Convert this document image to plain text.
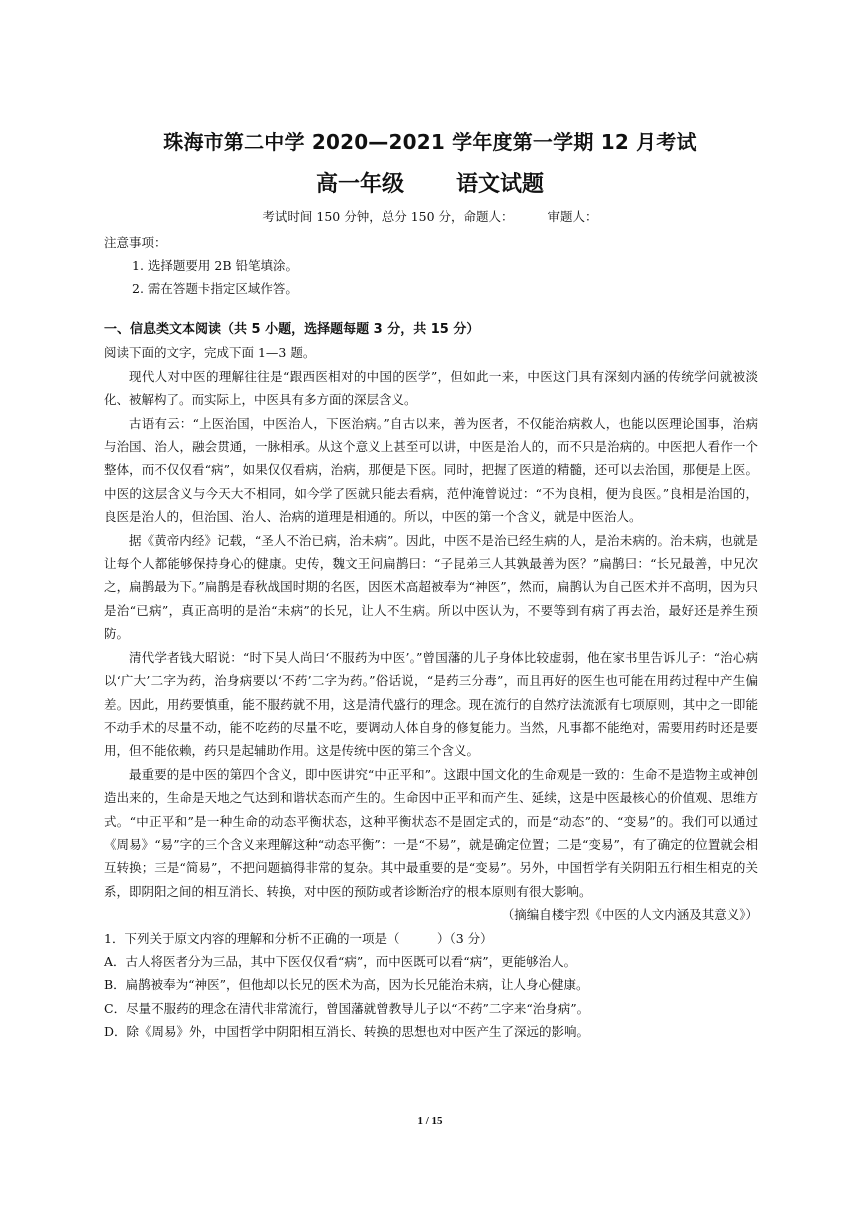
珠海市第二中学 2020—2021 学年度第一学期 12 月考试
高一年级 语文试题
考试时间 150 分钟，总分 150 分，命题人：	审题人：
注意事项：
1. 选择题要用 2B 铅笔填涂。
2. 需在答题卡指定区域作答。
一、信息类文本阅读（共 5 小题，选择题每题 3 分，共 15 分）

阅读下面的文字，完成下面 1—3 题。

现代人对中医的理解往往是“跟西医相对的中国的医学”，但如此一来，中医这门具有深刻内涵的传统学问就被淡化、被解构了。而实际上，中医具有多方面的深层含义。

古语有云：“上医治国，中医治人，下医治病。”自古以来，善为医者，不仅能治病救人，也能以医理论国事，治病与治国、治人，融会贯通，一脉相承。从这个意义上甚至可以讲，中医是治人的，而不只是治病的。中医把人看作一个整体，而不仅仅看“病”，如果仅仅看病，治病，那便是下医。同时，把握了医道的精髓，还可以去治国，那便是上医。中医的这层含义与今天大不相同，如今学了医就只能去看病，范仲淹曾说过：“不为良相，便为良医。”良相是治国的，良医是治人的，但治国、治人、治病的道理是相通的。所以，中医的第一个含义，就是中医治人。

据《黄帝内经》记载，“圣人不治已病，治未病”。因此，中医不是治已经生病的人，是治未病的。治未病，也就是让每个人都能够保持身心的健康。史传，魏文王问扁鹊曰：“子昆弟三人其孰最善为医？”扁鹊曰：“长兄最善，中兄次之，扁鹊最为下。”扁鹊是春秋战国时期的名医，因医术高超被奉为“神医”，然而，扁鹊认为自己医术并不高明，因为只是治“已病”，真正高明的是治“未病”的长兄，让人不生病。所以中医认为，不要等到有病了再去治，最好还是养生预防。

清代学者钱大昭说：“时下吴人尚曰‘不服药为中医’。”曾国藩的儿子身体比较虚弱，他在家书里告诉儿子：“治心病以‘广大’二字为药，治身病要以‘不药’二字为药。”俗话说，“是药三分毒”，而且再好的医生也可能在用药过程中产生偏差。因此，用药要慎重，能不服药就不用，这是清代盛行的理念。现在流行的自然疗法流派有七项原则，其中之一即能不动手术的尽量不动，能不吃药的尽量不吃，要调动人体自身的修复能力。当然，凡事都不能绝对，需要用药时还是要用，但不能依赖，药只是起辅助作用。这是传统中医的第三个含义。

最重要的是中医的第四个含义，即中医讲究“中正平和”。这跟中国文化的生命观是一致的：生命不是造物主或神创造出来的，生命是天地之气达到和谐状态而产生的。生命因中正平和而产生、延续，这是中医最核心的价值观、思维方式。“中正平和”是一种生命的动态平衡状态，这种平衡状态不是固定式的，而是“动态”的、“变易”的。我们可以通过《周易》“易”字的三个含义来理解这种“动态平衡”：一是“不易”，就是确定位置；二是“变易”，有了确定的位置就会相互转换；三是“简易”，不把问题搞得非常的复杂。其中最重要的是“变易”。另外，中国哲学有关阴阳五行相生相克的关系，即阴阳之间的相互消长、转换，对中医的预防或者诊断治疗的根本原则有很大影响。

（摘编自楼宇烈《中医的人文内涵及其意义》）

1．下列关于原文内容的理解和分析不正确的一项是（　　　）（3 分）

A．古人将医者分为三品，其中下医仅仅看“病”，而中医既可以看“病”，更能够治人。

B．扁鹊被奉为“神医”，但他却以长兄的医术为高，因为长兄能治未病，让人身心健康。

C．尽量不服药的理念在清代非常流行，曾国藩就曾教导儿子以“不药”二字来“治身病”。

D．除《周易》外，中国哲学中阴阳相互消长、转换的思想也对中医产生了深远的影响。

1 / 15
